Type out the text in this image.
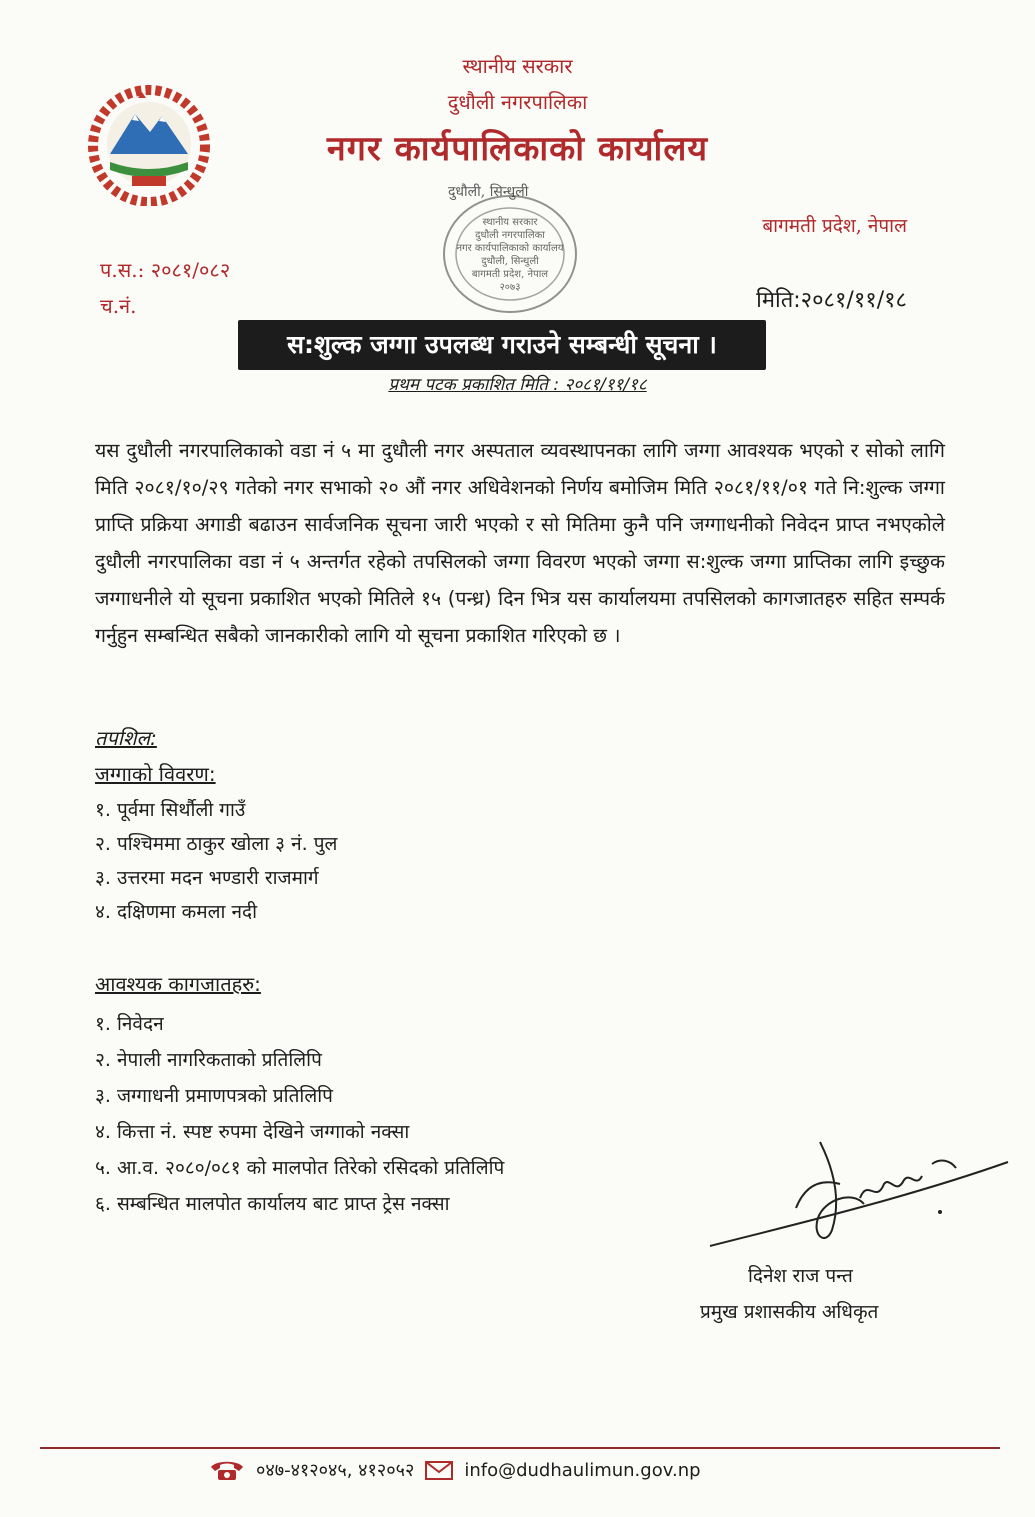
स्थानीय सरकार
दुधौली नगरपालिका
नगर कार्यपालिकाको कार्यालय
बागमती प्रदेश, नेपाल
दुधौली, सिन्धुली
स्थानीय सरकार
दुधौली नगरपालिका
नगर कार्यपालिकाको कार्यालय
दुधौली, सिन्धुली
बागमती प्रदेश, नेपाल
२०७३
प.स.: २०८१/०८२
च.नं.	मिति:२०८१/११/१८
स:शुल्क जग्गा उपलब्ध गराउने सम्बन्धी सूचना ।
प्रथम पटक प्रकाशित मिति : २०८१/११/१८
यस दुधौली नगरपालिकाको वडा नं ५ मा दुधौली नगर अस्पताल व्यवस्थापनका लागि जग्गा आवश्यक भएको र सोको लागि मिति २०८१/१०/२९ गतेको नगर सभाको २० औं नगर अधिवेशनको निर्णय बमोजिम मिति २०८१/११/०१ गते नि:शुल्क जग्गा प्राप्ति प्रक्रिया अगाडी बढाउन सार्वजनिक सूचना जारी भएको र सो मितिमा कुनै पनि जग्गाधनीको निवेदन प्राप्त नभएकोले दुधौली नगरपालिका वडा नं ५ अन्तर्गत रहेको तपसिलको जग्गा विवरण भएको जग्गा स:शुल्क जग्गा प्राप्तिका लागि इच्छुक जग्गाधनीले यो सूचना प्रकाशित भएको मितिले १५ (पन्ध्र) दिन भित्र यस कार्यालयमा तपसिलको कागजातहरु सहित सम्पर्क गर्नुहुन सम्बन्धित सबैको जानकारीको लागि यो सूचना प्रकाशित गरिएको छ ।
तपशिल:
जग्गाको विवरण:
१. पूर्वमा सिर्थौली गाउँ
२. पश्चिममा ठाकुर खोला ३ नं. पुल
३. उत्तरमा मदन भण्डारी राजमार्ग
४. दक्षिणमा कमला नदी
आवश्यक कागजातहरु:
१. निवेदन
२. नेपाली नागरिकताको प्रतिलिपि
३. जग्गाधनी प्रमाणपत्रको प्रतिलिपि
४. कित्ता नं. स्पष्ट रुपमा देखिने जग्गाको नक्सा
५. आ.व. २०८०/०८१ को मालपोत तिरेको रसिदको प्रतिलिपि
६. सम्बन्धित मालपोत कार्यालय बाट प्राप्त ट्रेस नक्सा
दिनेश राज पन्त
प्रमुख प्रशासकीय अधिकृत
०४७-४१२०४५, ४१२०५२	info@dudhaulimun.gov.np
